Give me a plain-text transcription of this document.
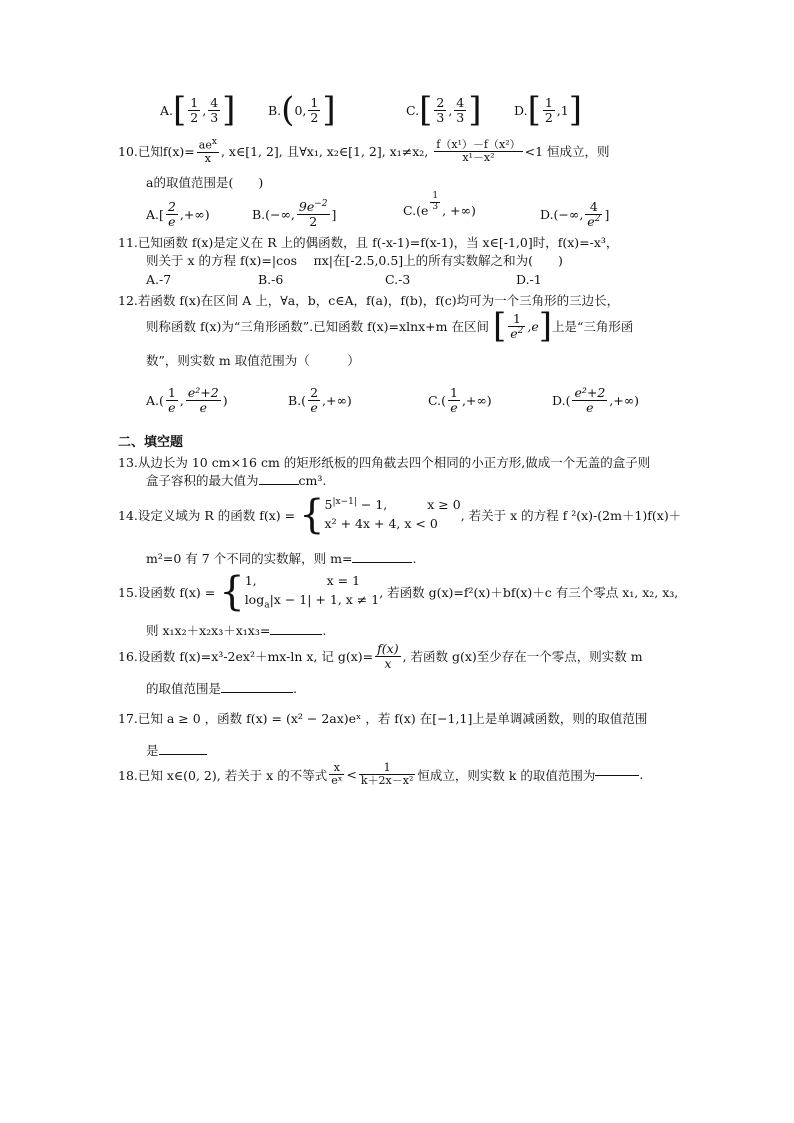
A. [ $\frac{1}{2}$ , $\frac{4}{3}$ ]	B. ( 0 , $\frac{1}{2}$ ]	C. [ $\frac{2}{3}$ , $\frac{4}{3}$ ]	D. [ $\frac{1}{2}$ , 1 ]
10.已知$f(x)= \frac{ae^x}{x}$ , x∈[1, 2], 且∀x₁, x₂∈[1, 2], x₁≠x₂, $\frac{\text{f（x¹）－f（x²）}}{\text{x¹－x²}} <1$ 恒成立，则
a的取值范围是(　　)
$A.[ \frac{2}{e}$ ,+∞)	B.(−∞, $\frac{9e^{-2}}{2}$ ]	$C.(e \frac{1}{3}$ , +∞)	D.(−∞, $\frac{4}{e^2}$ ]
11.已知函数 f(x)是定义在 R 上的偶函数，且 f(-x-1)=f(x-1)，当 x∈[-1,0]时，f(x)=-x³，
则关于 x 的方程 f(x)=|cos　 πx|在[-2.5,0.5]上的所有实数解之和为(　　)
A.-7	B.-6	C.-3	D.-1
12.若函数 f(x)在区间 A 上，∀a，b，c∈A，f(a)，f(b)，f(c)均可为一个三角形的三边长，
则称函数 f(x)为“三角形函数”.已知函数 f(x)=xlnx+m 在区间 [ $\frac{1}{e^2} ,e$ ] 上是“三角形函
数”，则实数 m 取值范围为（　　　）
A. ( $\frac{1}{e}$ , $\frac{\text{e²+2}}{e}$ )	B. ( $\frac{2}{e}$ ,+∞)	C. ( $\frac{1}{e}$ ,+∞)	D. ( $\frac{\text{e²+2}}{e}$ ,+∞)
二、填空题
13.从边长为 10 cm×16 cm 的矩形纸板的四角截去四个相同的小正方形,做成一个无盖的盒子则
盒子容积的最大值为	cm³.
14.设定义域为 R 的函数 f(x) = { $5^{|x-1|} - 1$,	x ≥ 0
x² + 4x + 4, x < 0
, 若关于 x 的方程 f ²(x)-(2m＋1)f(x)＋
m²=0 有 7 个不同的实数解，则 m=	.
15.设函数 f(x) = { 1,	x = 1
$\log_a|x - 1| + 1$, x ≠ 1 , 若函数 g(x)=f²(x)＋bf(x)＋c 有三个零点 x₁, x₂, x₃,
则 x₁x₂＋x₂x₃＋x₁x₃=	.
16.设函数 f(x)=x³-2ex²＋mx-ln x, 记 $g(x)= \frac{f(x)}{x}$ , 若函数 g(x)至少存在一个零点，则实数 m
的取值范围是	.
17.已知 a ≥ 0 ，函数 f(x) = (x² − 2ax)eˣ ，若 f(x) 在[−1,1]上是单调减函数，则的取值范围
是
18.已知 x∈(0, 2), 若关于 x 的不等式 $\frac{x}{\text{eˣ}} < \frac{1}{\text{k＋2x－x²}}$ 恒成立，则实数 k 的取值范围为	.
